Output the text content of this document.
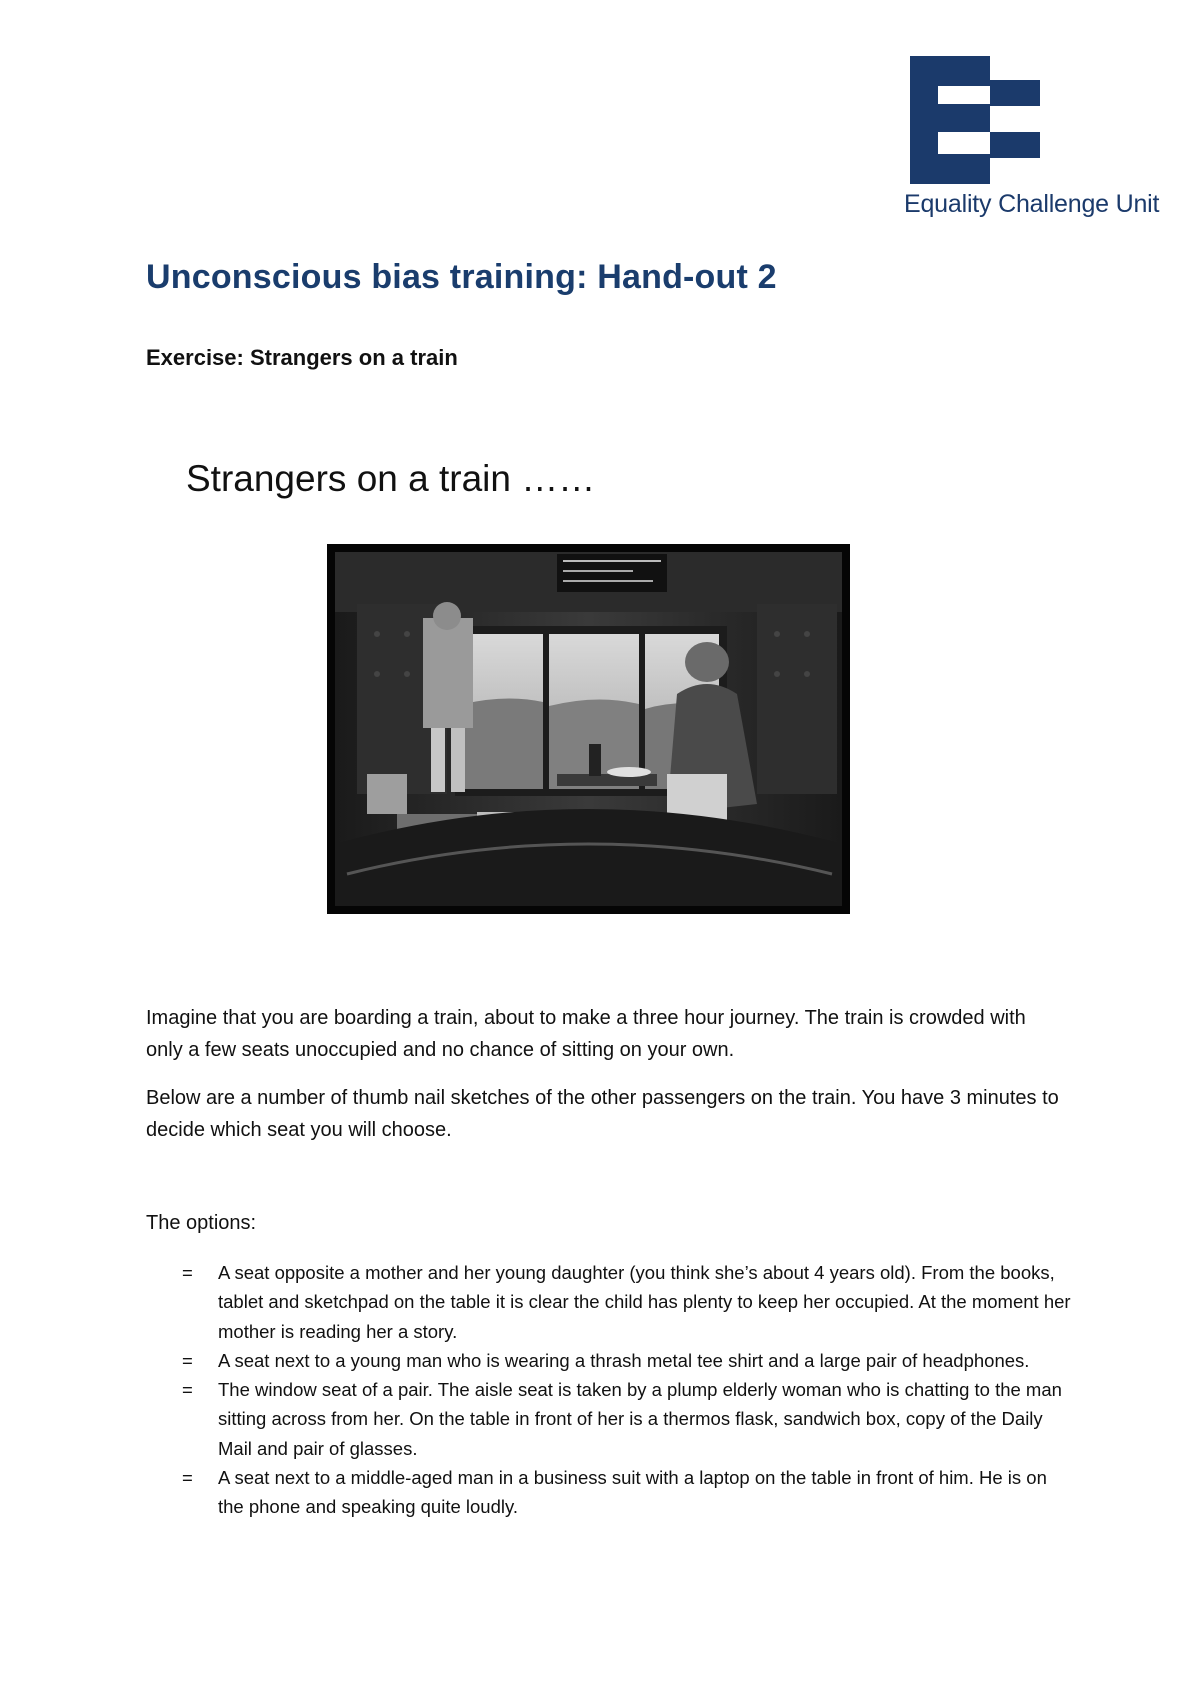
Equality Challenge Unit
Unconscious bias training: Hand-out 2
Exercise: Strangers on a train
Strangers on a train ……
Imagine that you are boarding a train, about to make a three hour journey. The train is crowded with only a few seats unoccupied and no chance of sitting on your own.
Below are a number of thumb nail sketches of the other passengers on the train. You have 3 minutes to decide which seat you will choose.
The options:
= A seat opposite a mother and her young daughter (you think she’s about 4 years old). From the books, tablet and sketchpad on the table it is clear the child has plenty to keep her occupied. At the moment her mother is reading her a story.
= A seat next to a young man who is wearing a thrash metal tee shirt and a large pair of headphones.
= The window seat of a pair. The aisle seat is taken by a plump elderly woman who is chatting to the man sitting across from her. On the table in front of her is a thermos flask, sandwich box, copy of the Daily Mail and pair of glasses.
= A seat next to a middle-aged man in a business suit with a laptop on the table in front of him. He is on the phone and speaking quite loudly.
